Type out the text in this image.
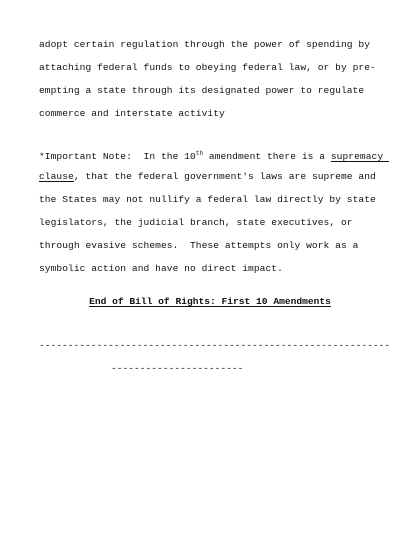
adopt certain regulation through the power of spending by
attaching federal funds to obeying federal law, or by pre-
empting a state through its designated power to regulate
commerce and interstate activity
*Important Note:  In the 10th amendment there is a supremacy
clause, that the federal government's laws are supreme and
the States may not nullify a federal law directly by state
legislators, the judicial branch, state executives, or
through evasive schemes.  These attempts only work as a
symbolic action and have no direct impact.
End of Bill of Rights: First 10 Amendments
-------------------------------------------------------------
-----------------------
